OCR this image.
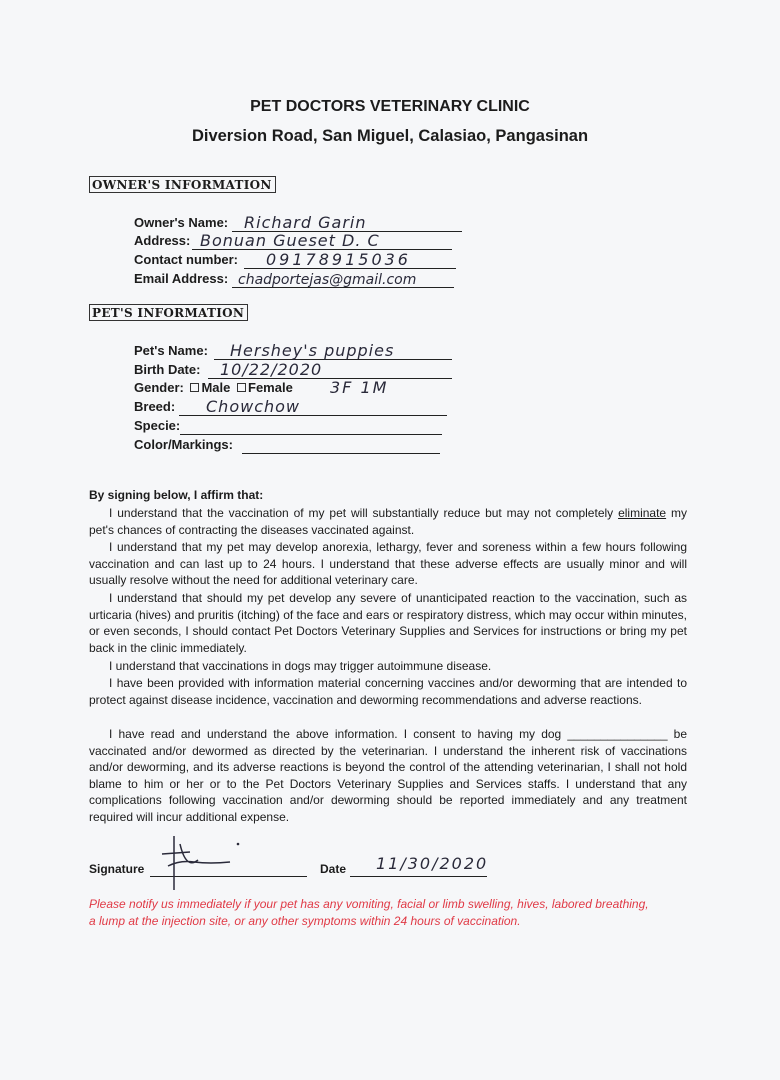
PET DOCTORS VETERINARY CLINIC
Diversion Road, San Miguel, Calasiao, Pangasinan
OWNER'S INFORMATION
Owner's Name: Richard Garin
Address: Bonuan Gueset D. C
Contact number: 09178915036
Email Address: chadportejas@gmail.com
PET'S INFORMATION
Pet's Name: Hershey's puppies
Birth Date: 10/22/2020
Gender: Male Female 3F 1M
Breed: Chowchow
Specie:
Color/Markings:
By signing below, I affirm that:
I understand that the vaccination of my pet will substantially reduce but may not completely eliminate my pet's chances of contracting the diseases vaccinated against.
I understand that my pet may develop anorexia, lethargy, fever and soreness within a few hours following vaccination and can last up to 24 hours. I understand that these adverse effects are usually minor and will usually resolve without the need for additional veterinary care.
I understand that should my pet develop any severe of unanticipated reaction to the vaccination, such as urticaria (hives) and pruritis (itching) of the face and ears or respiratory distress, which may occur within minutes, or even seconds, I should contact Pet Doctors Veterinary Supplies and Services for instructions or bring my pet back in the clinic immediately.
I understand that vaccinations in dogs may trigger autoimmune disease.
I have been provided with information material concerning vaccines and/or deworming that are intended to protect against disease incidence, vaccination and deworming recommendations and adverse reactions.
I have read and understand the above information. I consent to having my dog _______________ be vaccinated and/or dewormed as directed by the veterinarian. I understand the inherent risk of vaccinations and/or deworming, and its adverse reactions is beyond the control of the attending veterinarian, I shall not hold blame to him or her or to the Pet Doctors Veterinary Supplies and Services staffs. I understand that any complications following vaccination and/or deworming should be reported immediately and any treatment required will incur additional expense.
Signature	Date 11/30/2020
Please notify us immediately if your pet has any vomiting, facial or limb swelling, hives, labored breathing, a lump at the injection site, or any other symptoms within 24 hours of vaccination.
